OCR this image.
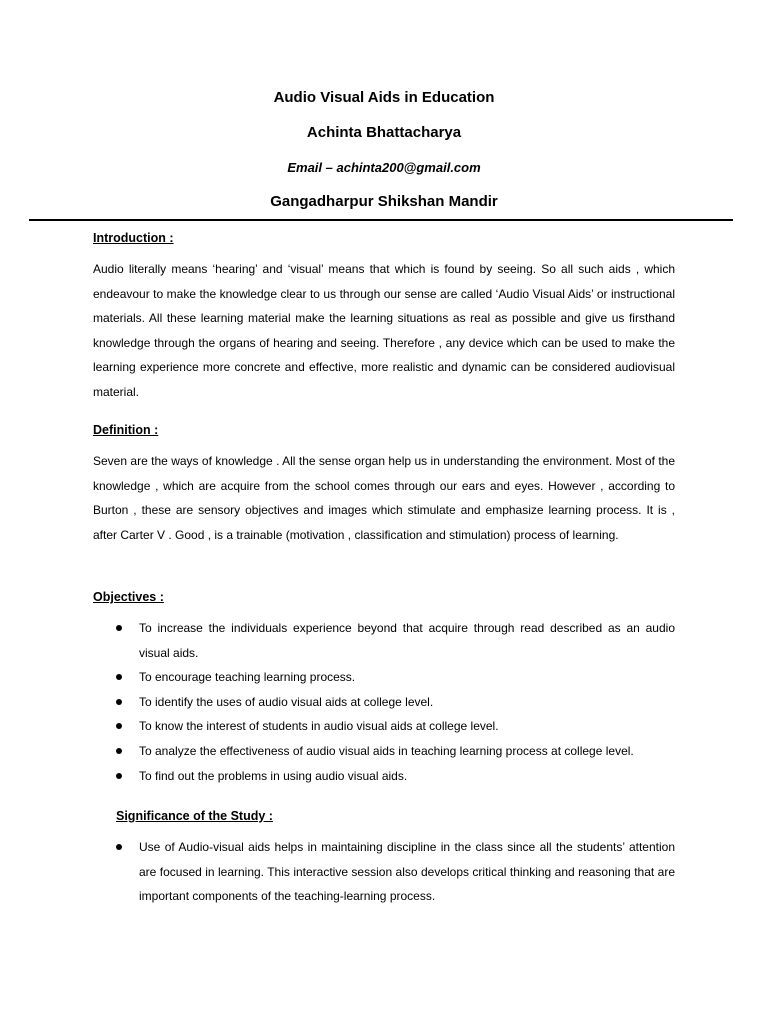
Audio Visual Aids in Education
Achinta Bhattacharya
Email – achinta200@gmail.com
Gangadharpur Shikshan Mandir

Introduction :

Audio literally means ‘hearing’ and ‘visual’ means that which is found by seeing. So all such aids , which endeavour to make the knowledge clear to us through our sense are called ‘Audio Visual Aids’ or instructional materials. All these learning material make the learning situations as real as possible and give us firsthand knowledge through the organs of hearing and seeing. Therefore , any device which can be used to make the learning experience more concrete and effective, more realistic and dynamic can be considered audiovisual material.

Definition :

Seven are the ways of knowledge . All the sense organ help us in understanding the environment. Most of the knowledge , which are acquire from the school comes through our ears and eyes. However , according to Burton , these are sensory objectives and images which stimulate and emphasize learning process. It is , after Carter V . Good , is a trainable (motivation , classification and stimulation) process of learning.

Objectives :

To increase the individuals experience beyond that acquire through read described as an audio visual aids.
To encourage teaching learning process.
To identify the uses of audio visual aids at college level.
To know the interest of students in audio visual aids at college level.
To analyze the effectiveness of audio visual aids in teaching learning process at college level.
To find out the problems in using audio visual aids.

Significance of the Study :

Use of Audio-visual aids helps in maintaining discipline in the class since all the students’ attention are focused in learning. This interactive session also develops critical thinking and reasoning that are important components of the teaching-learning process.
